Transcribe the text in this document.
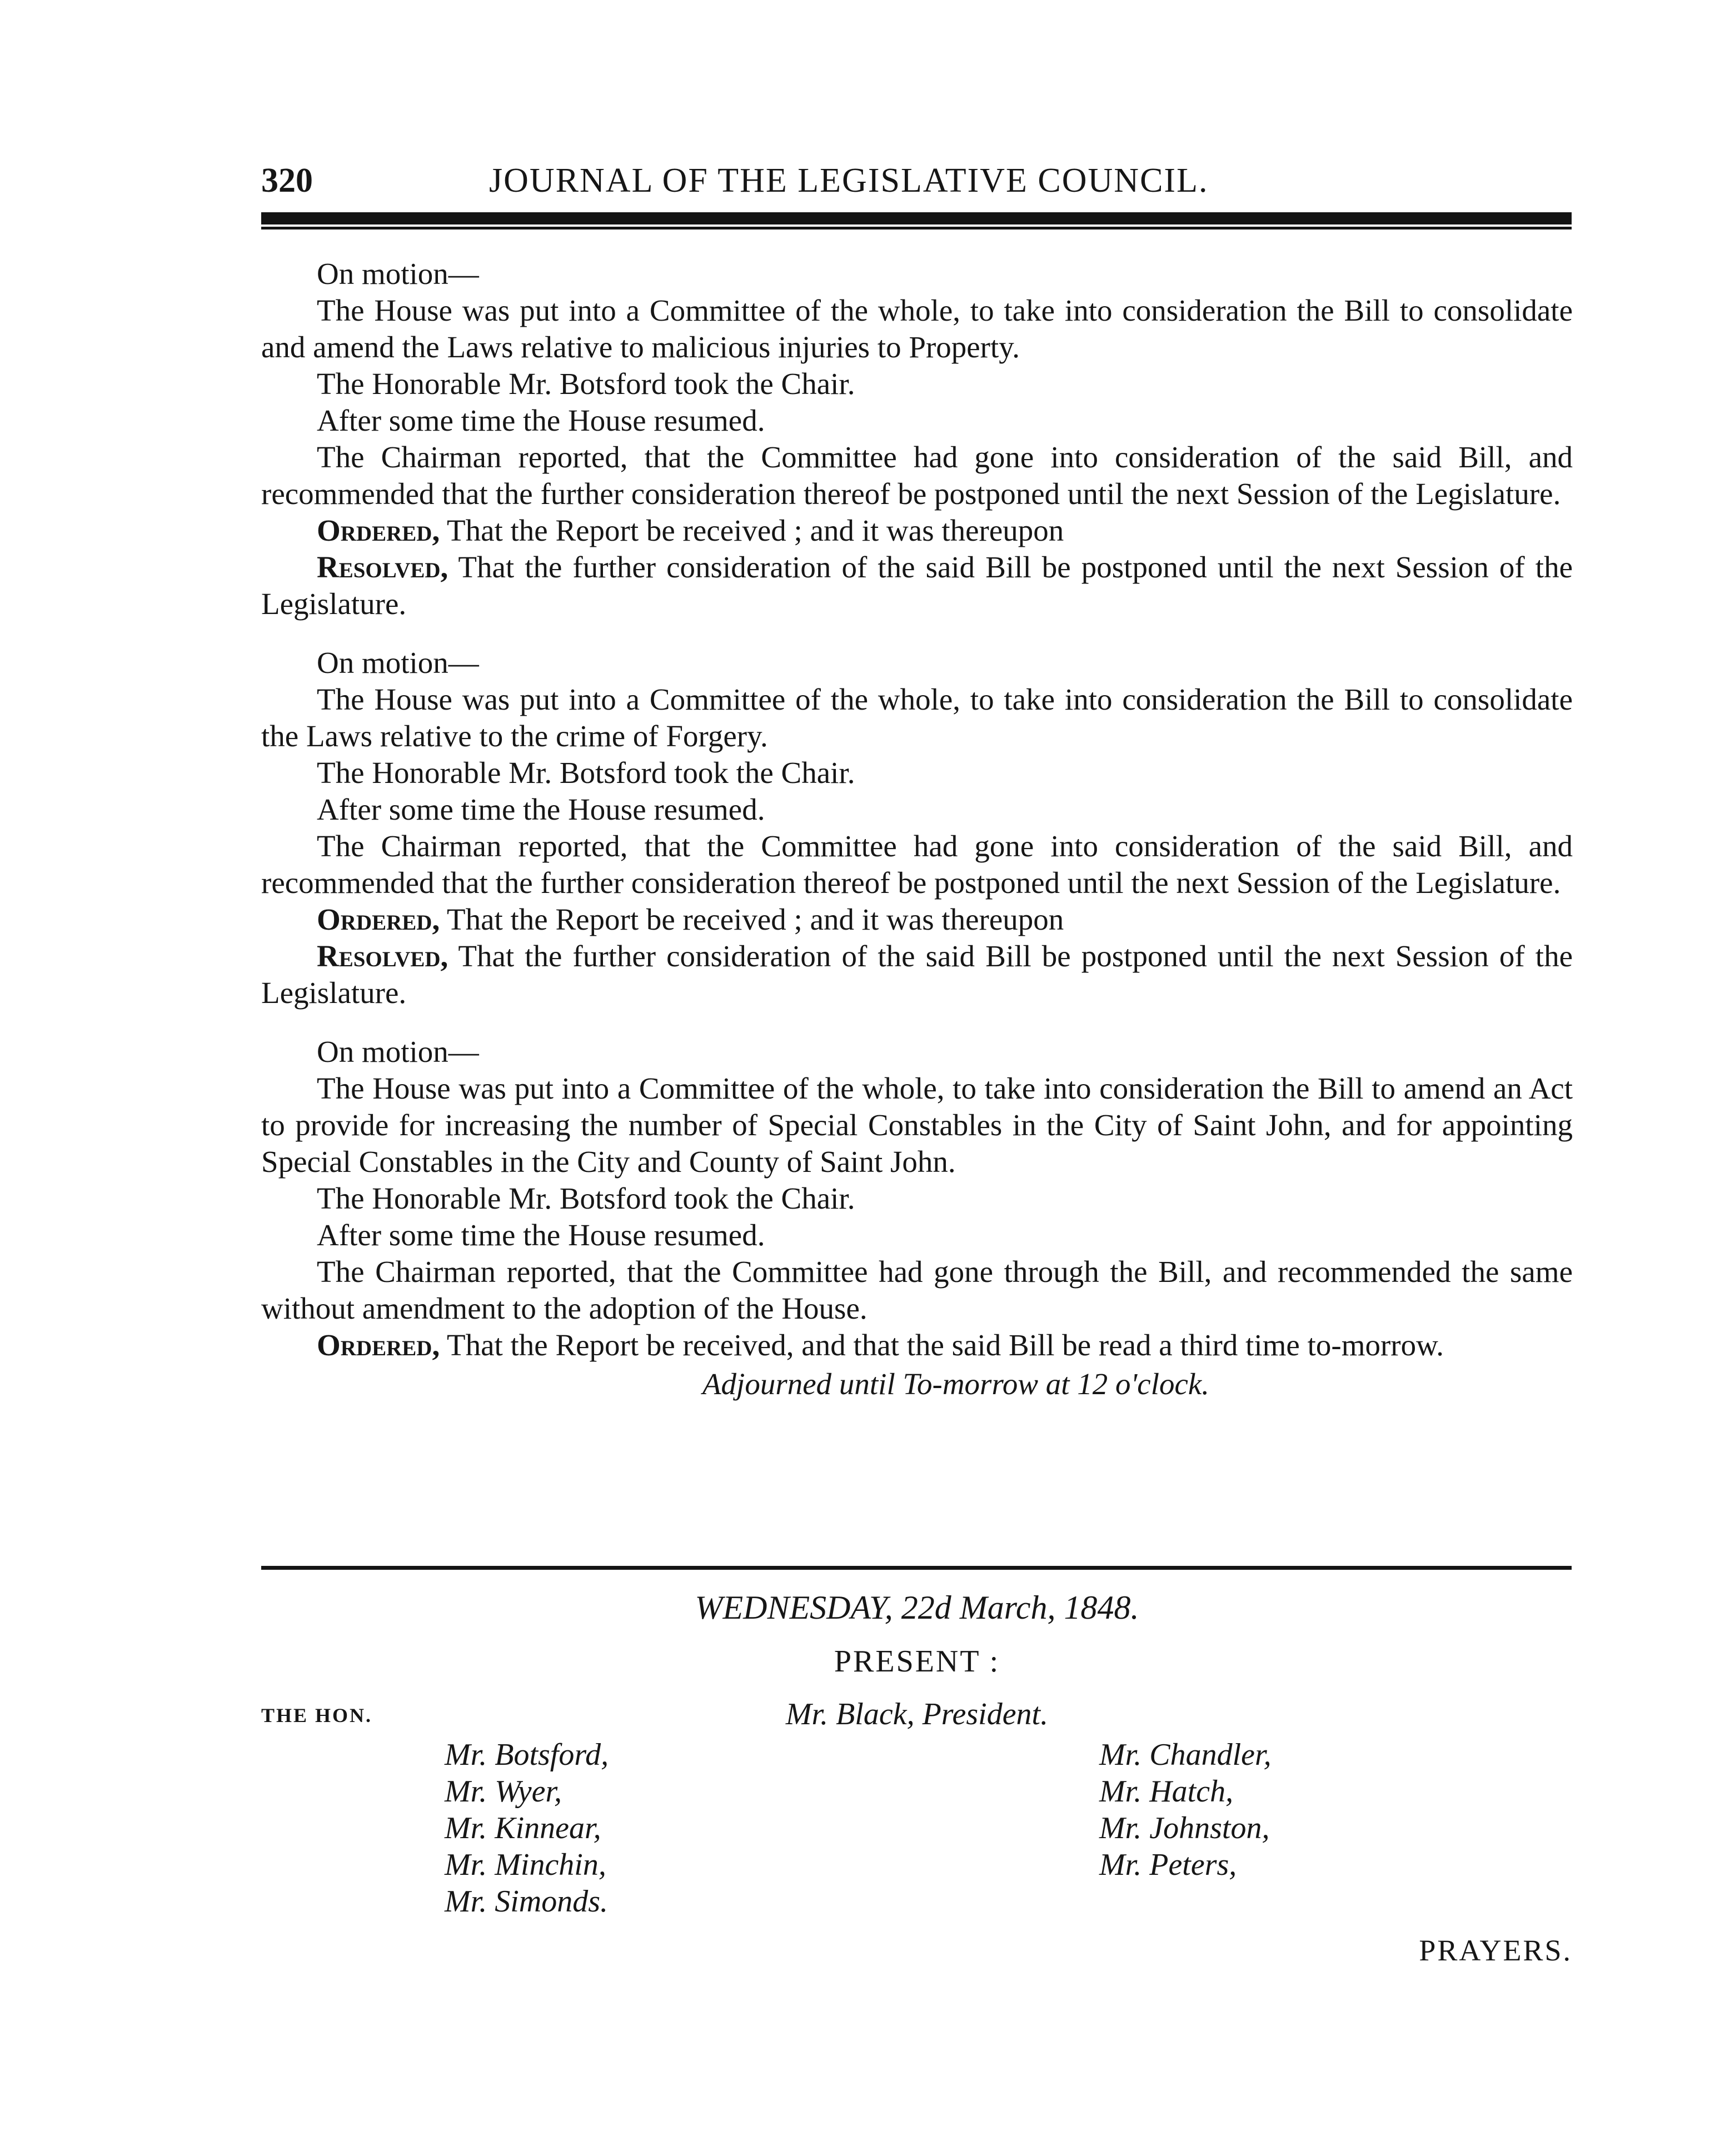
320	JOURNAL OF THE LEGISLATIVE COUNCIL.

On motion—

The House was put into a Committee of the whole, to take into consideration the Bill to consolidate and amend the Laws relative to malicious injuries to Property.

The Honorable Mr. Botsford took the Chair.

After some time the House resumed.

The Chairman reported, that the Committee had gone into consideration of the said Bill, and recommended that the further consideration thereof be postponed until the next Session of the Legislature.

Ordered, That the Report be received ; and it was thereupon

Resolved, That the further consideration of the said Bill be postponed until the next Session of the Legislature.

On motion—

The House was put into a Committee of the whole, to take into consideration the Bill to consolidate the Laws relative to the crime of Forgery.

The Honorable Mr. Botsford took the Chair.

After some time the House resumed.

The Chairman reported, that the Committee had gone into consideration of the said Bill, and recommended that the further consideration thereof be postponed until the next Session of the Legislature.

Ordered, That the Report be received ; and it was thereupon

Resolved, That the further consideration of the said Bill be postponed until the next Session of the Legislature.

On motion—

The House was put into a Committee of the whole, to take into consideration the Bill to amend an Act to provide for increasing the number of Special Constables in the City of Saint John, and for appointing Special Constables in the City and County of Saint John.

The Honorable Mr. Botsford took the Chair.

After some time the House resumed.

The Chairman reported, that the Committee had gone through the Bill, and recommended the same without amendment to the adoption of the House.

Ordered, That the Report be received, and that the said Bill be read a third time to-morrow.

Adjourned until To-morrow at 12 o'clock.

WEDNESDAY, 22d March, 1848.
PRESENT :
THE HON.	Mr. Black, President.
Mr. Botsford,
Mr. Wyer,
Mr. Kinnear,
Mr. Minchin,
Mr. Simonds.
Mr. Chandler,
Mr. Hatch,
Mr. Johnston,
Mr. Peters,
PRAYERS.
